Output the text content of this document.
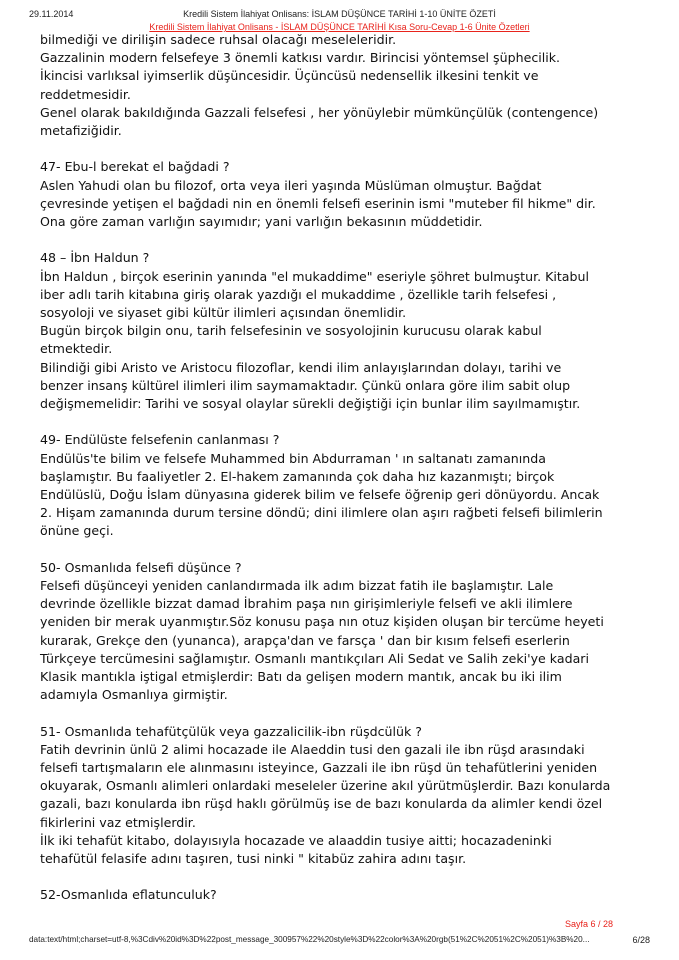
29.11.2014	Kredili Sistem İlahiyat Onlisans: İSLAM DÜŞÜNCE TARİHİ 1-10 ÜNİTE ÖZETİ
Kredili Sistem İlahiyat Onlisans - İSLAM DÜŞÜNCE TARİHİ Kısa Soru-Cevap 1-6 Ünite Özetleri

bilmediği ve dirilişin sadece ruhsal olacağı meseleleridir.

Gazzalinin modern felsefeye 3 önemli katkısı vardır. Birincisi yöntemsel şüphecilik.

İkincisi varlıksal iyimserlik düşüncesidir. Üçüncüsü nedensellik ilkesini tenkit ve

reddetmesidir.

Genel olarak bakıldığında Gazzali felsefesi , her yönüylebir mümkünçülük (contengence)

metafiziğidir.

47- Ebu-l berekat el bağdadi ?

Aslen Yahudi olan bu filozof, orta veya ileri yaşında Müslüman olmuştur. Bağdat

çevresinde yetişen el bağdadi nin en önemli felsefi eserinin ismi "muteber fil hikme" dir.

Ona göre zaman varlığın sayımıdır; yani varlığın bekasının müddetidir.

48 – İbn Haldun ?

İbn Haldun , birçok eserinin yanında "el mukaddime" eseriyle şöhret bulmuştur. Kitabul

iber adlı tarih kitabına giriş olarak yazdığı el mukaddime , özellikle tarih felsefesi ,

sosyoloji ve siyaset gibi kültür ilimleri açısından önemlidir.

Bugün birçok bilgin onu, tarih felsefesinin ve sosyolojinin kurucusu olarak kabul

etmektedir.

Bilindiği gibi Aristo ve Aristocu filozoflar, kendi ilim anlayışlarından dolayı, tarihi ve

benzer insanş kültürel ilimleri ilim saymamaktadır. Çünkü onlara göre ilim sabit olup

değişmemelidir: Tarihi ve sosyal olaylar sürekli değiştiği için bunlar ilim sayılmamıştır.

49- Endülüste felsefenin canlanması ?

Endülüs'te bilim ve felsefe Muhammed bin Abdurraman ' ın saltanatı zamanında

başlamıştır. Bu faaliyetler 2. El-hakem zamanında çok daha hız kazanmıştı; birçok

Endülüslü, Doğu İslam dünyasına giderek bilim ve felsefe öğrenip geri dönüyordu. Ancak

2. Hişam zamanında durum tersine döndü; dini ilimlere olan aşırı rağbeti felsefi bilimlerin

önüne geçi.

50- Osmanlıda felsefi düşünce ?

Felsefi düşünceyi yeniden canlandırmada ilk adım bizzat fatih ile başlamıştır. Lale

devrinde özellikle bizzat damad İbrahim paşa nın girişimleriyle felsefi ve akli ilimlere

yeniden bir merak uyanmıştır.Söz konusu paşa nın otuz kişiden oluşan bir tercüme heyeti

kurarak, Grekçe den (yunanca), arapça'dan ve farsça ' dan bir kısım felsefi eserlerin

Türkçeye tercümesini sağlamıştır. Osmanlı mantıkçıları Ali Sedat ve Salih zeki'ye kadari

Klasik mantıkla iştigal etmişlerdir: Batı da gelişen modern mantık, ancak bu iki ilim

adamıyla Osmanlıya girmiştir.

51- Osmanlıda tehafütçülük veya gazzalicilik-ibn rüşdcülük ?

Fatih devrinin ünlü 2 alimi hocazade ile Alaeddin tusi den gazali ile ibn rüşd arasındaki

felsefi tartışmaların ele alınmasını isteyince, Gazzali ile ibn rüşd ün tehafütlerini yeniden

okuyarak, Osmanlı alimleri onlardaki meseleler üzerine akıl yürütmüşlerdir. Bazı konularda

gazali, bazı konularda ibn rüşd haklı görülmüş ise de bazı konularda da alimler kendi özel

fikirlerini vaz etmişlerdir.

İlk iki tehafüt kitabo, dolayısıyla hocazade ve alaaddin tusiye aitti; hocazadeninki

tehafütül felasife adını taşıren, tusi ninki " kitabüz zahira adını taşır.

52-Osmanlıda eflatunculuk?

Sayfa 6 / 28
data:text/html;charset=utf-8,%3Cdiv%20id%3D%22post_message_300957%22%20style%3D%22color%3A%20rgb(51%2C%2051%2C%2051)%3B%20...	6/28
